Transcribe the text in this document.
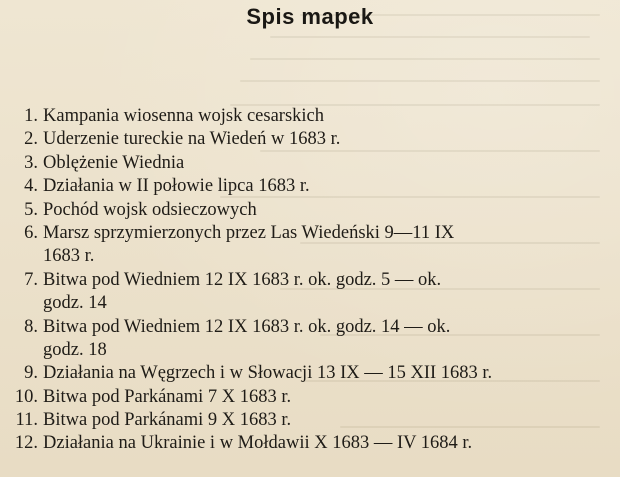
Spis mapek
1. Kampania wiosenna wojsk cesarskich
2. Uderzenie tureckie na Wiedeń w 1683 r.
3. Oblężenie Wiednia
4. Działania w II połowie lipca 1683 r.
5. Pochód wojsk odsieczowych
6. Marsz sprzymierzonych przez Las Wiedeński 9—11 IX
1683 r.
7. Bitwa pod Wiedniem 12 IX 1683 r. ok. godz. 5 — ok.
godz. 14
8. Bitwa pod Wiedniem 12 IX 1683 r. ok. godz. 14 — ok.
godz. 18
9. Działania na Węgrzech i w Słowacji 13 IX — 15 XII 1683 r.
10. Bitwa pod Parkánami 7 X 1683 r.
11. Bitwa pod Parkánami 9 X 1683 r.
12. Działania na Ukrainie i w Mołdawii X 1683 — IV 1684 r.
